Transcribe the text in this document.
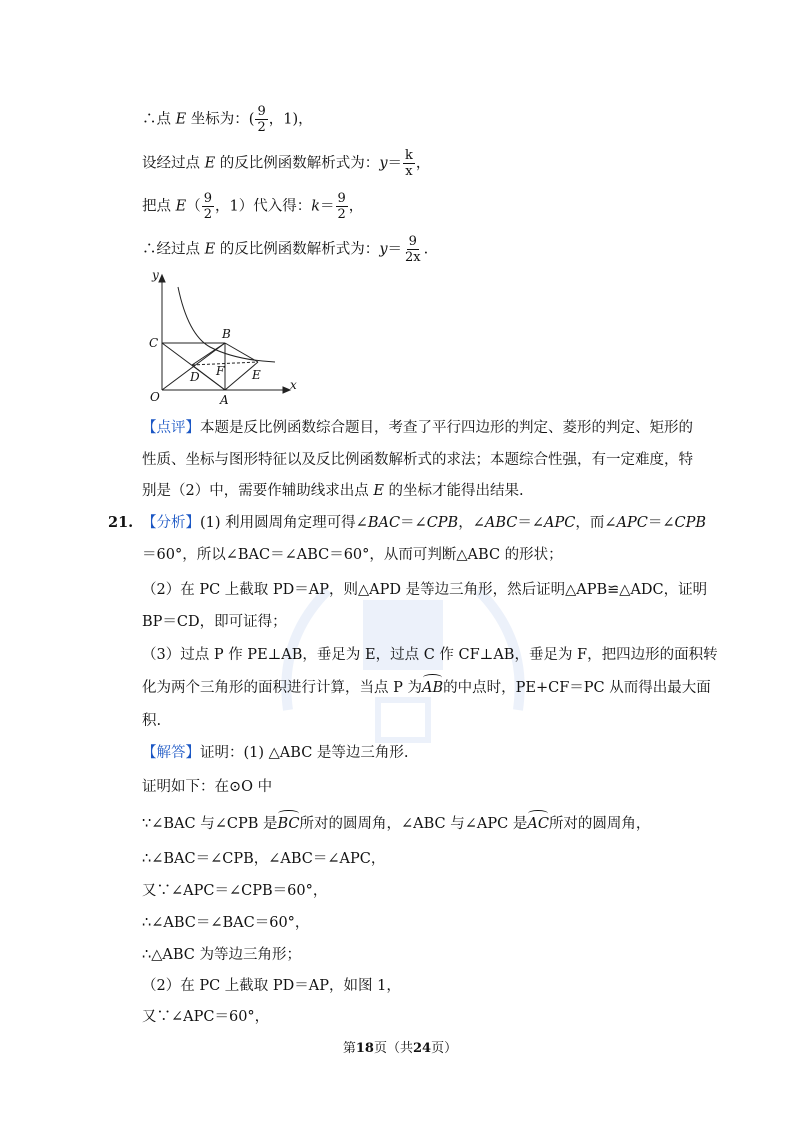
∴点 E 坐标为：( $\frac{9}{2}$ ，1)，
设经过点 E 的反比例函数解析式为：$y= \frac{k}{x}$ ，
把点 $E( \frac{9}{2}$ ，1）代入得：$k= \frac{9}{2}$ ，
∴经过点 E 的反比例函数解析式为：$y= \frac{9}{2x}$ .
y
x
O	A
B
C
D	E
F
【点评】本题是反比例函数综合题目，考查了平行四边形的判定、菱形的判定、矩形的
性质、坐标与图形特征以及反比例函数解析式的求法；本题综合性强，有一定难度，特
别是（2）中，需要作辅助线求出点 E 的坐标才能得出结果.
21. 【分析】(1) 利用圆周角定理可得∠BAC＝∠CPB，∠ABC＝∠APC，而∠APC＝∠CPB
＝60°，所以∠BAC＝∠ABC＝60°，从而可判断△ABC 的形状；
（2）在 PC 上截取 PD＝AP，则△APD 是等边三角形，然后证明△APB≌△ADC，证明
BP＝CD，即可证得；
（3）过点 P 作 PE⊥AB，垂足为 E，过点 C 作 CF⊥AB，垂足为 F，把四边形的面积转
化为两个三角形的面积进行计算，当点 P 为AB的中点时，PE+CF＝PC 从而得出最大面
积.
【解答】证明：(1) △ABC 是等边三角形.
证明如下：在⊙O 中
∵∠BAC 与∠CPB 是BC所对的圆周角，∠ABC 与∠APC 是AC所对的圆周角，
∴∠BAC＝∠CPB，∠ABC＝∠APC，
又∵∠APC＝∠CPB＝60°，
∴∠ABC＝∠BAC＝60°，
∴△ABC 为等边三角形；
（2）在 PC 上截取 PD＝AP，如图 1，
又∵∠APC＝60°，
第18页（共24页）
